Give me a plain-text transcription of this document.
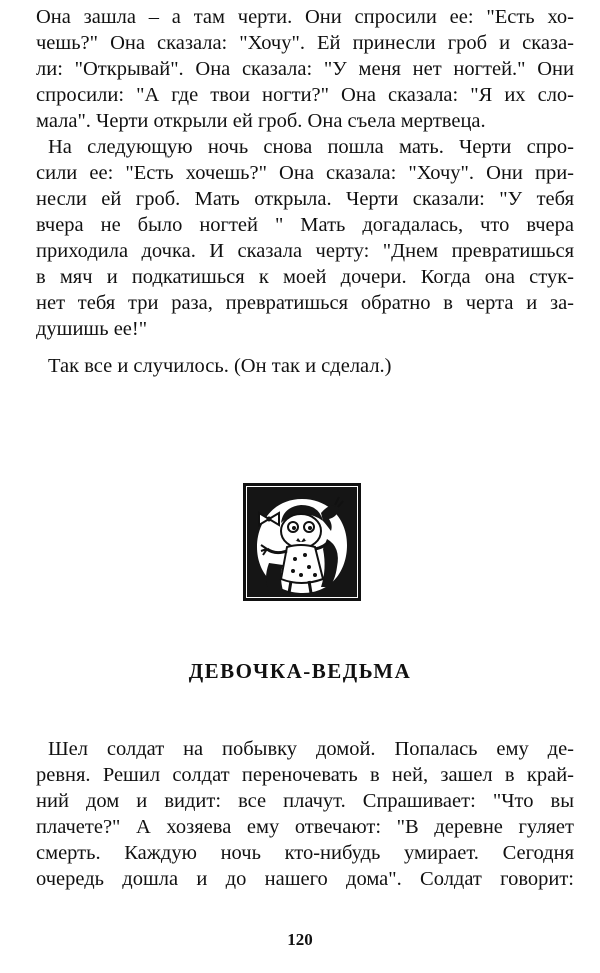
Она зашла – а там черти. Они спросили ее: "Есть хо-
чешь?" Она сказала: "Хочу". Ей принесли гроб и сказа-
ли: "Открывай". Она сказала: "У меня нет ногтей." Они
спросили: "А где твои ногти?" Она сказала: "Я их сло-
мала". Черти открыли ей гроб. Она съела мертвеца.
На следующую ночь снова пошла мать. Черти спро-
сили ее: "Есть хочешь?" Она сказала: "Хочу". Они при-
несли ей гроб. Мать открыла. Черти сказали: "У тебя
вчера не было ногтей " Мать догадалась, что вчера
приходила дочка. И сказала черту: "Днем превратишься
в мяч и подкатишься к моей дочери. Когда она стук-
нет тебя три раза, превратишься обратно в черта и за-
душишь ее!"
Так все и случилось. (Он так и сделал.)
ДЕВОЧКА-ВЕДЬМА
Шел солдат на побывку домой. Попалась ему де-
ревня. Решил солдат переночевать в ней, зашел в край-
ний дом и видит: все плачут. Спрашивает: "Что вы
плачете?" А хозяева ему отвечают: "В деревне гуляет
смерть. Каждую ночь кто-нибудь умирает. Сегодня
очередь дошла и до нашего дома". Солдат говорит:
120
